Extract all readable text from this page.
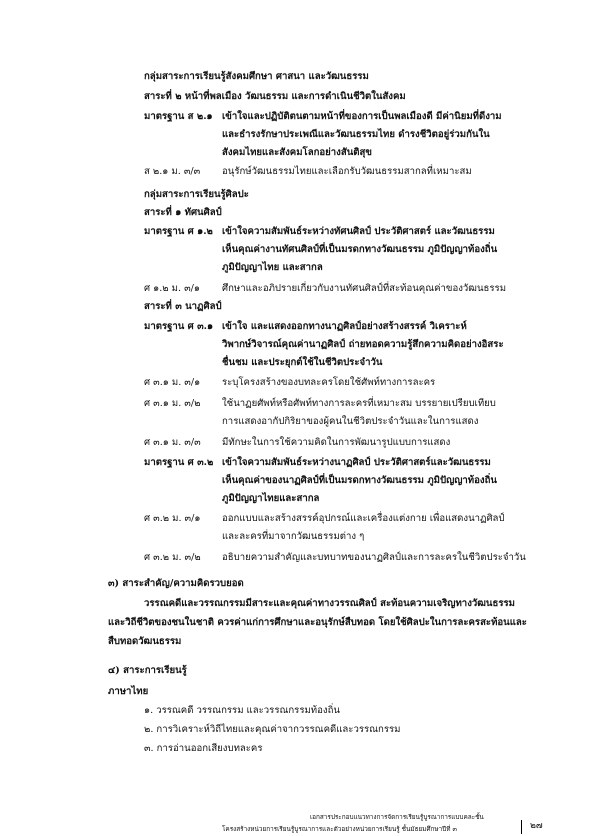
กลุ่มสาระการเรียนรู้สังคมศึกษา ศาสนา และวัฒนธรรม
สาระที่ ๒ หน้าที่พลเมือง วัฒนธรรม และการดำเนินชีวิตในสังคม
มาตรฐาน ส ๒.๑ เข้าใจและปฏิบัติตนตามหน้าที่ของการเป็นพลเมืองดี มีค่านิยมที่ดีงาม
และธำรงรักษาประเพณีและวัฒนธรรมไทย ดำรงชีวิตอยู่ร่วมกันใน
สังคมไทยและสังคมโลกอย่างสันติสุข
ส ๒.๑ ม. ๓/๓ อนุรักษ์วัฒนธรรมไทยและเลือกรับวัฒนธรรมสากลที่เหมาะสม
กลุ่มสาระการเรียนรู้ศิลปะ
สาระที่ ๑ ทัศนศิลป์
มาตรฐาน ศ ๑.๒ เข้าใจความสัมพันธ์ระหว่างทัศนศิลป์ ประวัติศาสตร์ และวัฒนธรรม
เห็นคุณค่างานทัศนศิลป์ที่เป็นมรดกทางวัฒนธรรม ภูมิปัญญาท้องถิ่น
ภูมิปัญญาไทย และสากล
ศ ๑.๒ ม. ๓/๑ ศึกษาและอภิปรายเกี่ยวกับงานทัศนศิลป์ที่สะท้อนคุณค่าของวัฒนธรรม
สาระที่ ๓ นาฏศิลป์
มาตรฐาน ศ ๓.๑ เข้าใจ และแสดงออกทางนาฏศิลป์อย่างสร้างสรรค์ วิเคราะห์
วิพากษ์วิจารณ์คุณค่านาฏศิลป์ ถ่ายทอดความรู้สึกความคิดอย่างอิสระ
ชื่นชม และประยุกต์ใช้ในชีวิตประจำวัน
ศ ๓.๑ ม. ๓/๑ ระบุโครงสร้างของบทละครโดยใช้ศัพท์ทางการละคร
ศ ๓.๑ ม. ๓/๒ ใช้นาฏยศัพท์หรือศัพท์ทางการละครที่เหมาะสม บรรยายเปรียบเทียบ
การแสดงอากัปกิริยาของผู้คนในชีวิตประจำวันและในการแสดง
ศ ๓.๑ ม. ๓/๓ มีทักษะในการใช้ความคิดในการพัฒนารูปแบบการแสดง
มาตรฐาน ศ ๓.๒ เข้าใจความสัมพันธ์ระหว่างนาฏศิลป์ ประวัติศาสตร์และวัฒนธรรม
เห็นคุณค่าของนาฏศิลป์ที่เป็นมรดกทางวัฒนธรรม ภูมิปัญญาท้องถิ่น
ภูมิปัญญาไทยและสากล
ศ ๓.๒ ม. ๓/๑ ออกแบบและสร้างสรรค์อุปกรณ์และเครื่องแต่งกาย เพื่อแสดงนาฏศิลป์
และละครที่มาจากวัฒนธรรมต่าง ๆ
ศ ๓.๒ ม. ๓/๒ อธิบายความสำคัญและบทบาทของนาฏศิลป์และการละครในชีวิตประจำวัน
๓) สาระสำคัญ/ความคิดรวบยอด
วรรณคดีและวรรณกรรมมีสาระและคุณค่าทางวรรณศิลป์ สะท้อนความเจริญทางวัฒนธรรม
และวิถีชีวิตของชนในชาติ ควรค่าแก่การศึกษาและอนุรักษ์สืบทอด โดยใช้ศิลปะในการละครสะท้อนและ
สืบทอดวัฒนธรรม
๔) สาระการเรียนรู้
ภาษาไทย
๑. วรรณคดี วรรณกรรม และวรรณกรรมท้องถิ่น
๒. การวิเคราะห์วิถีไทยและคุณค่าจากวรรณคดีและวรรณกรรม
๓. การอ่านออกเสียงบทละคร
เอกสารประกอบแนวทางการจัดการเรียนรู้บูรณาการแบบคละชั้น
โครงสร้างหน่วยการเรียนรู้บูรณาการและตัวอย่างหน่วยการเรียนรู้ ชั้นมัธยมศึกษาปีที่ ๓	๒๗
